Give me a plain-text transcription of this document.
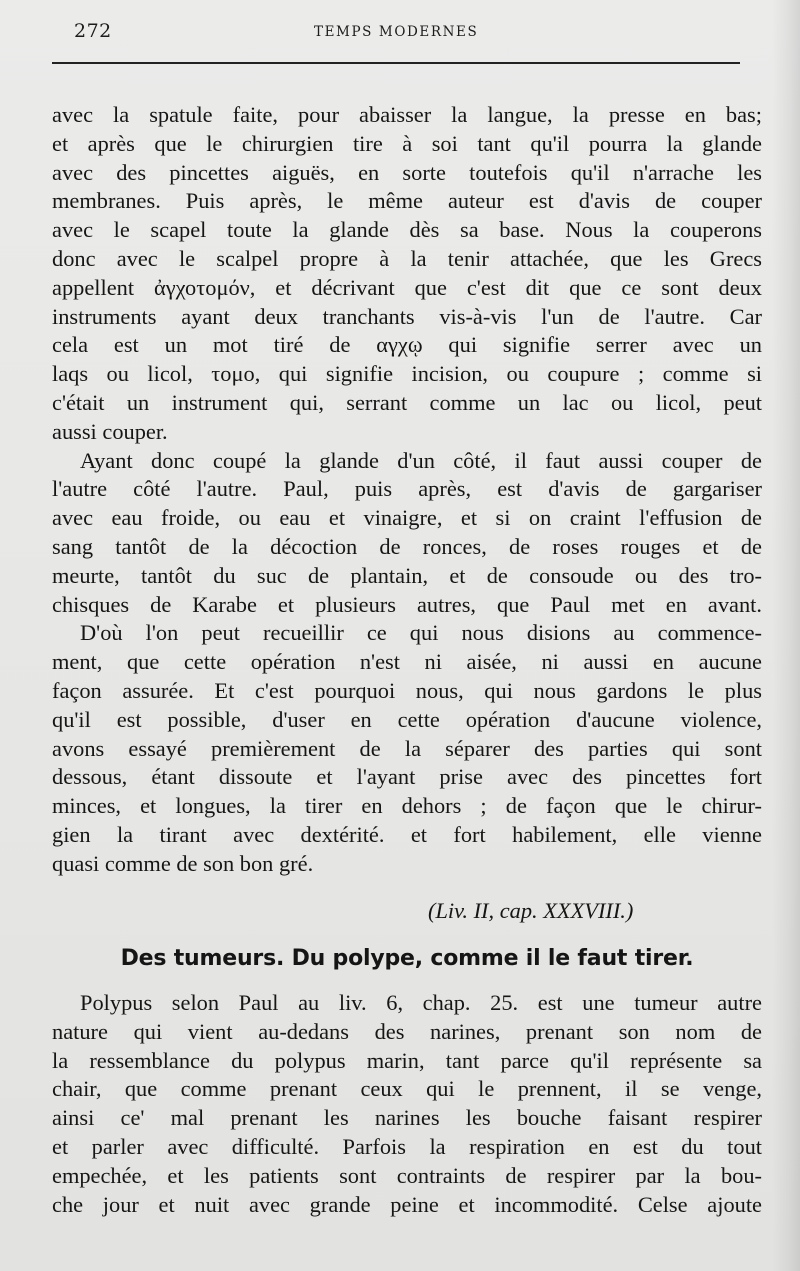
272	TEMPS MODERNES
avec la spatule faite, pour abaisser la langue, la presse en bas;
et après que le chirurgien tire à soi tant qu'il pourra la glande
avec des pincettes aiguës, en sorte toutefois qu'il n'arrache les
membranes. Puis après, le même auteur est d'avis de couper
avec le scapel toute la glande dès sa base. Nous la couperons
donc avec le scalpel propre à la tenir attachée, que les Grecs
appellent ἀγχοτομόν, et décrivant que c'est dit que ce sont deux
instruments ayant deux tranchants vis-à-vis l'un de l'autre. Car
cela est un mot tiré de αγχῳ qui signifie serrer avec un
laqs ou licol, τομο, qui signifie incision, ou coupure ; comme si
c'était un instrument qui, serrant comme un lac ou licol, peut
aussi couper.
Ayant donc coupé la glande d'un côté, il faut aussi couper de
l'autre côté l'autre. Paul, puis après, est d'avis de gargariser
avec eau froide, ou eau et vinaigre, et si on craint l'effusion de
sang tantôt de la décoction de ronces, de roses rouges et de
meurte, tantôt du suc de plantain, et de consoude ou des tro-
chisques de Karabe et plusieurs autres, que Paul met en avant.
D'où l'on peut recueillir ce qui nous disions au commence-
ment, que cette opération n'est ni aisée, ni aussi en aucune
façon assurée. Et c'est pourquoi nous, qui nous gardons le plus
qu'il est possible, d'user en cette opération d'aucune violence,
avons essayé premièrement de la séparer des parties qui sont
dessous, étant dissoute et l'ayant prise avec des pincettes fort
minces, et longues, la tirer en dehors ; de façon que le chirur-
gien la tirant avec dextérité. et fort habilement, elle vienne
quasi comme de son bon gré.
(Liv. II, cap. XXXVIII.)
Des tumeurs. Du polype, comme il le faut tirer.
Polypus selon Paul au liv. 6, chap. 25. est une tumeur autre
nature qui vient au-dedans des narines, prenant son nom de
la ressemblance du polypus marin, tant parce qu'il représente sa
chair, que comme prenant ceux qui le prennent, il se venge,
ainsi ce' mal prenant les narines les bouche faisant respirer
et parler avec difficulté. Parfois la respiration en est du tout
empechée, et les patients sont contraints de respirer par la bou-
che jour et nuit avec grande peine et incommodité. Celse ajoute
